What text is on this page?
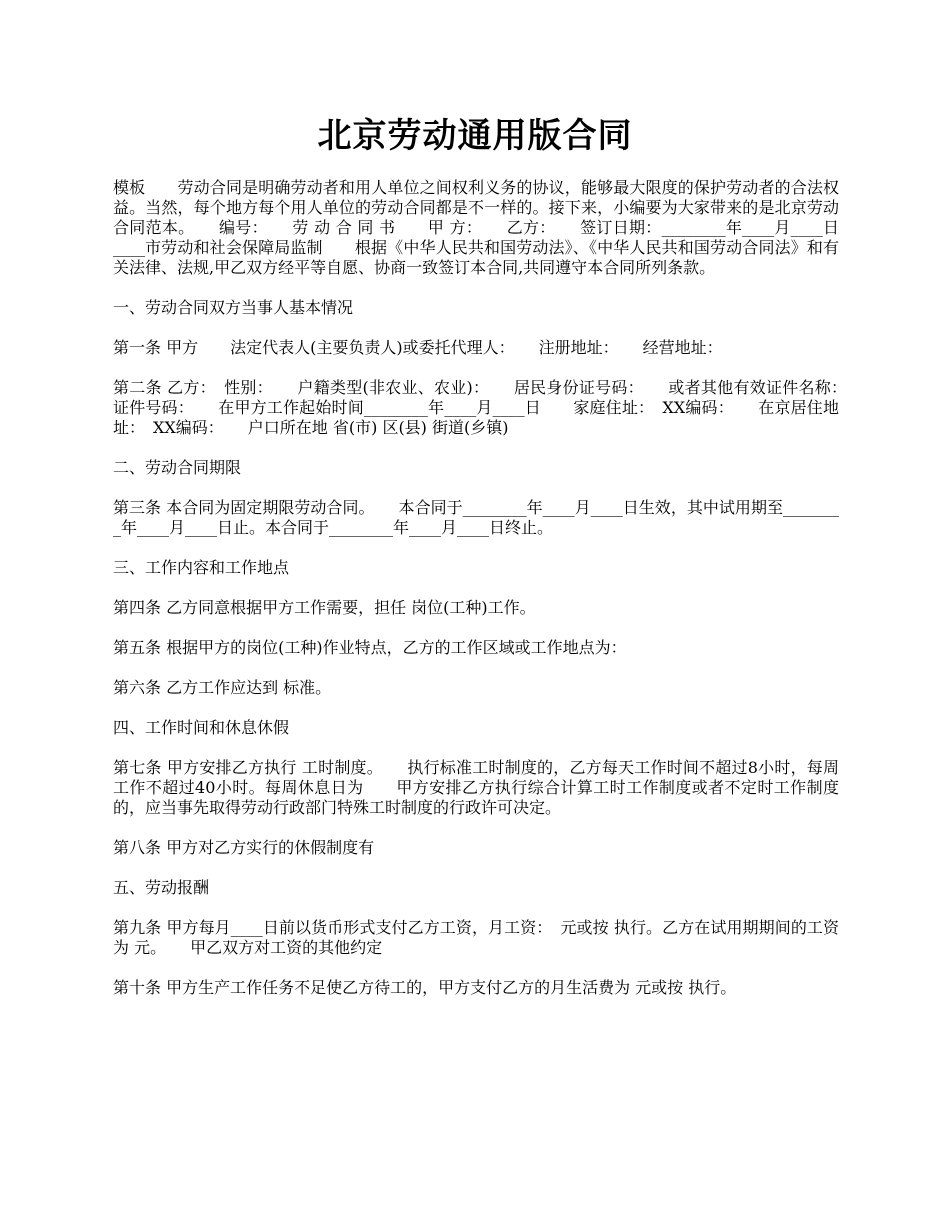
北京劳动通用版合同

模板　　劳动合同是明确劳动者和用人单位之间权利义务的协议，能够最大限度的保护劳动者的合法权益。当然，每个地方每个用人单位的劳动合同都是不一样的。接下来，小编要为大家带来的是北京劳动合同范本。　　编号：　　劳 动 合 同 书　　甲 方：　　乙方：　　签订日期：________年____月____日　　____市劳动和社会保障局监制　　根据《中华人民共和国劳动法》、《中华人民共和国劳动合同法》和有关法律、法规,甲乙双方经平等自愿、协商一致签订本合同,共同遵守本合同所列条款。

一、劳动合同双方当事人基本情况

第一条 甲方　　法定代表人(主要负责人)或委托代理人：　　注册地址：　　经营地址：

第二条 乙方：　性别：　　户籍类型(非农业、农业)：　　居民身份证号码：　　或者其他有效证件名称：　证件号码：　　在甲方工作起始时间________年____月____日　　家庭住址：　XX编码：　　在京居住地址：　XX编码：　　户口所在地 省(市) 区(县) 街道(乡镇)

二、劳动合同期限

第三条 本合同为固定期限劳动合同。　　本合同于________年____月____日生效，其中试用期至________年____月____日止。本合同于________年____月____日终止。

三、工作内容和工作地点

第四条 乙方同意根据甲方工作需要，担任 岗位(工种)工作。

第五条 根据甲方的岗位(工种)作业特点，乙方的工作区域或工作地点为：

第六条 乙方工作应达到 标准。

四、工作时间和休息休假

第七条 甲方安排乙方执行 工时制度。　　执行标准工时制度的，乙方每天工作时间不超过8小时，每周工作不超过40小时。每周休息日为　　甲方安排乙方执行综合计算工时工作制度或者不定时工作制度的，应当事先取得劳动行政部门特殊工时制度的行政许可决定。

第八条 甲方对乙方实行的休假制度有

五、劳动报酬

第九条 甲方每月____日前以货币形式支付乙方工资，月工资：　元或按 执行。乙方在试用期期间的工资为 元。　　甲乙双方对工资的其他约定

第十条 甲方生产工作任务不足使乙方待工的，甲方支付乙方的月生活费为 元或按 执行。
